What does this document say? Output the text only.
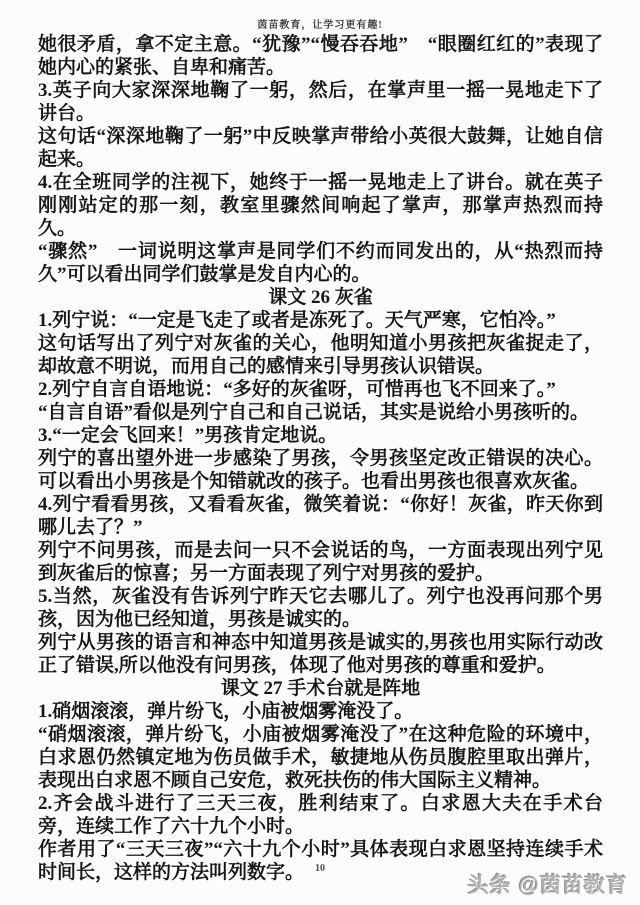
茵苗教育，让学习更有趣!

她很矛盾，拿不定主意。“犹豫”“慢吞吞地”　“眼圈红红的”表现了她内心的紧张、自卑和痛苦。

3.英子向大家深深地鞠了一躬，然后，在掌声里一摇一晃地走下了讲台。

这句话“深深地鞠了一躬”中反映掌声带给小英很大鼓舞，让她自信起来。

4.在全班同学的注视下，她终于一摇一晃地走上了讲台。就在英子刚刚站定的那一刻，教室里骤然间响起了掌声，那掌声热烈而持久。

“骤然”　一词说明这掌声是同学们不约而同发出的，从“热烈而持久”可以看出同学们鼓掌是发自内心的。

课文 26 灰雀

1.列宁说：“一定是飞走了或者是冻死了。天气严寒，它怕冷。”

这句话写出了列宁对灰雀的关心，他明知道小男孩把灰雀捉走了，却故意不明说，而用自己的感情来引导男孩认识错误。

2.列宁自言自语地说：“多好的灰雀呀，可惜再也飞不回来了。”

“自言自语”看似是列宁自己和自己说话，其实是说给小男孩听的。

3.“一定会飞回来！”男孩肯定地说。

列宁的喜出望外进一步感染了男孩，令男孩坚定改正错误的决心。可以看出小男孩是个知错就改的孩子。也看出男孩也很喜欢灰雀。

4.列宁看看男孩，又看看灰雀，微笑着说：“你好！灰雀，昨天你到哪儿去了？”

列宁不问男孩，而是去问一只不会说话的鸟，一方面表现出列宁见到灰雀后的惊喜；另一方面表现了列宁对男孩的爱护。

5.当然，灰雀没有告诉列宁昨天它去哪儿了。列宁也没再问那个男孩，因为他已经知道，男孩是诚实的。

列宁从男孩的语言和神态中知道男孩是诚实的,男孩也用实际行动改正了错误,所以他没有问男孩，体现了他对男孩的尊重和爱护。

课文 27 手术台就是阵地

1.硝烟滚滚，弹片纷飞，小庙被烟雾淹没了。

“硝烟滚滚，弹片纷飞，小庙被烟雾淹没了”在这种危险的环境中，白求恩仍然镇定地为伤员做手术，敏捷地从伤员腹腔里取出弹片，表现出白求恩不顾自己安危，救死扶伤的伟大国际主义精神。

2.齐会战斗进行了三天三夜，胜利结束了。白求恩大夫在手术台旁，连续工作了六十九个小时。

作者用了“三天三夜”“六十九个小时”具体表现白求恩坚持连续手术时间长，这样的方法叫列数字。	10
头条 @茵苗教育
